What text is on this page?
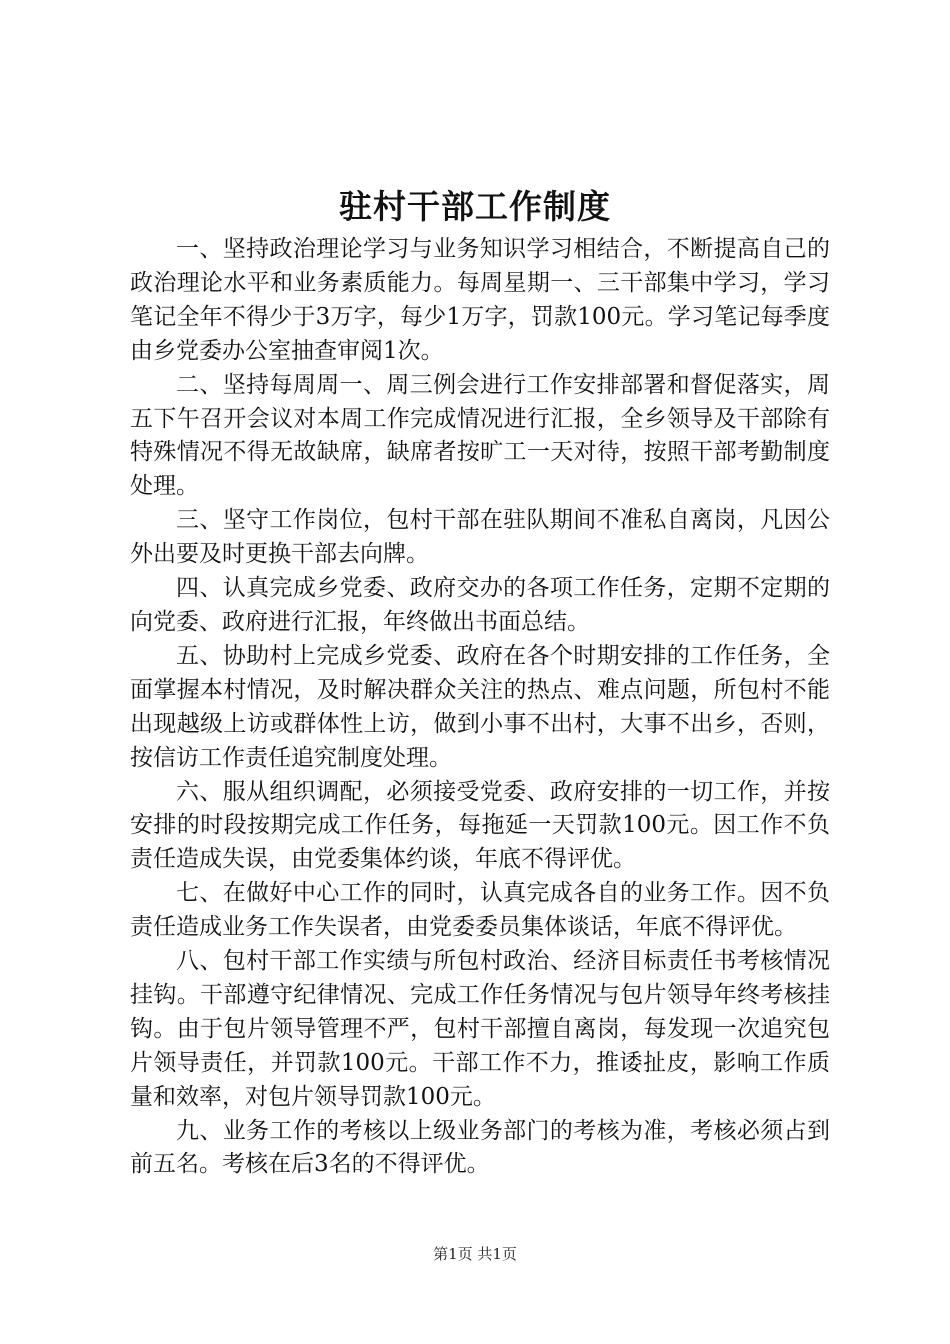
驻村干部工作制度

一、坚持政治理论学习与业务知识学习相结合，不断提高自己的政治理论水平和业务素质能力。每周星期一、三干部集中学习，学习笔记全年不得少于3万字，每少1万字，罚款100元。学习笔记每季度由乡党委办公室抽查审阅1次。

二、坚持每周周一、周三例会进行工作安排部署和督促落实，周五下午召开会议对本周工作完成情况进行汇报，全乡领导及干部除有特殊情况不得无故缺席，缺席者按旷工一天对待，按照干部考勤制度处理。

三、坚守工作岗位，包村干部在驻队期间不准私自离岗，凡因公外出要及时更换干部去向牌。

四、认真完成乡党委、政府交办的各项工作任务，定期不定期的向党委、政府进行汇报，年终做出书面总结。

五、协助村上完成乡党委、政府在各个时期安排的工作任务，全面掌握本村情况，及时解决群众关注的热点、难点问题，所包村不能出现越级上访或群体性上访，做到小事不出村，大事不出乡，否则，按信访工作责任追究制度处理。

六、服从组织调配，必须接受党委、政府安排的一切工作，并按安排的时段按期完成工作任务，每拖延一天罚款100元。因工作不负责任造成失误，由党委集体约谈，年底不得评优。

七、在做好中心工作的同时，认真完成各自的业务工作。因不负责任造成业务工作失误者，由党委委员集体谈话，年底不得评优。

八、包村干部工作实绩与所包村政治、经济目标责任书考核情况挂钩。干部遵守纪律情况、完成工作任务情况与包片领导年终考核挂钩。由于包片领导管理不严，包村干部擅自离岗，每发现一次追究包片领导责任，并罚款100元。干部工作不力，推诿扯皮，影响工作质量和效率，对包片领导罚款100元。

九、业务工作的考核以上级业务部门的考核为准，考核必须占到前五名。考核在后3名的不得评优。

第1页 共1页
